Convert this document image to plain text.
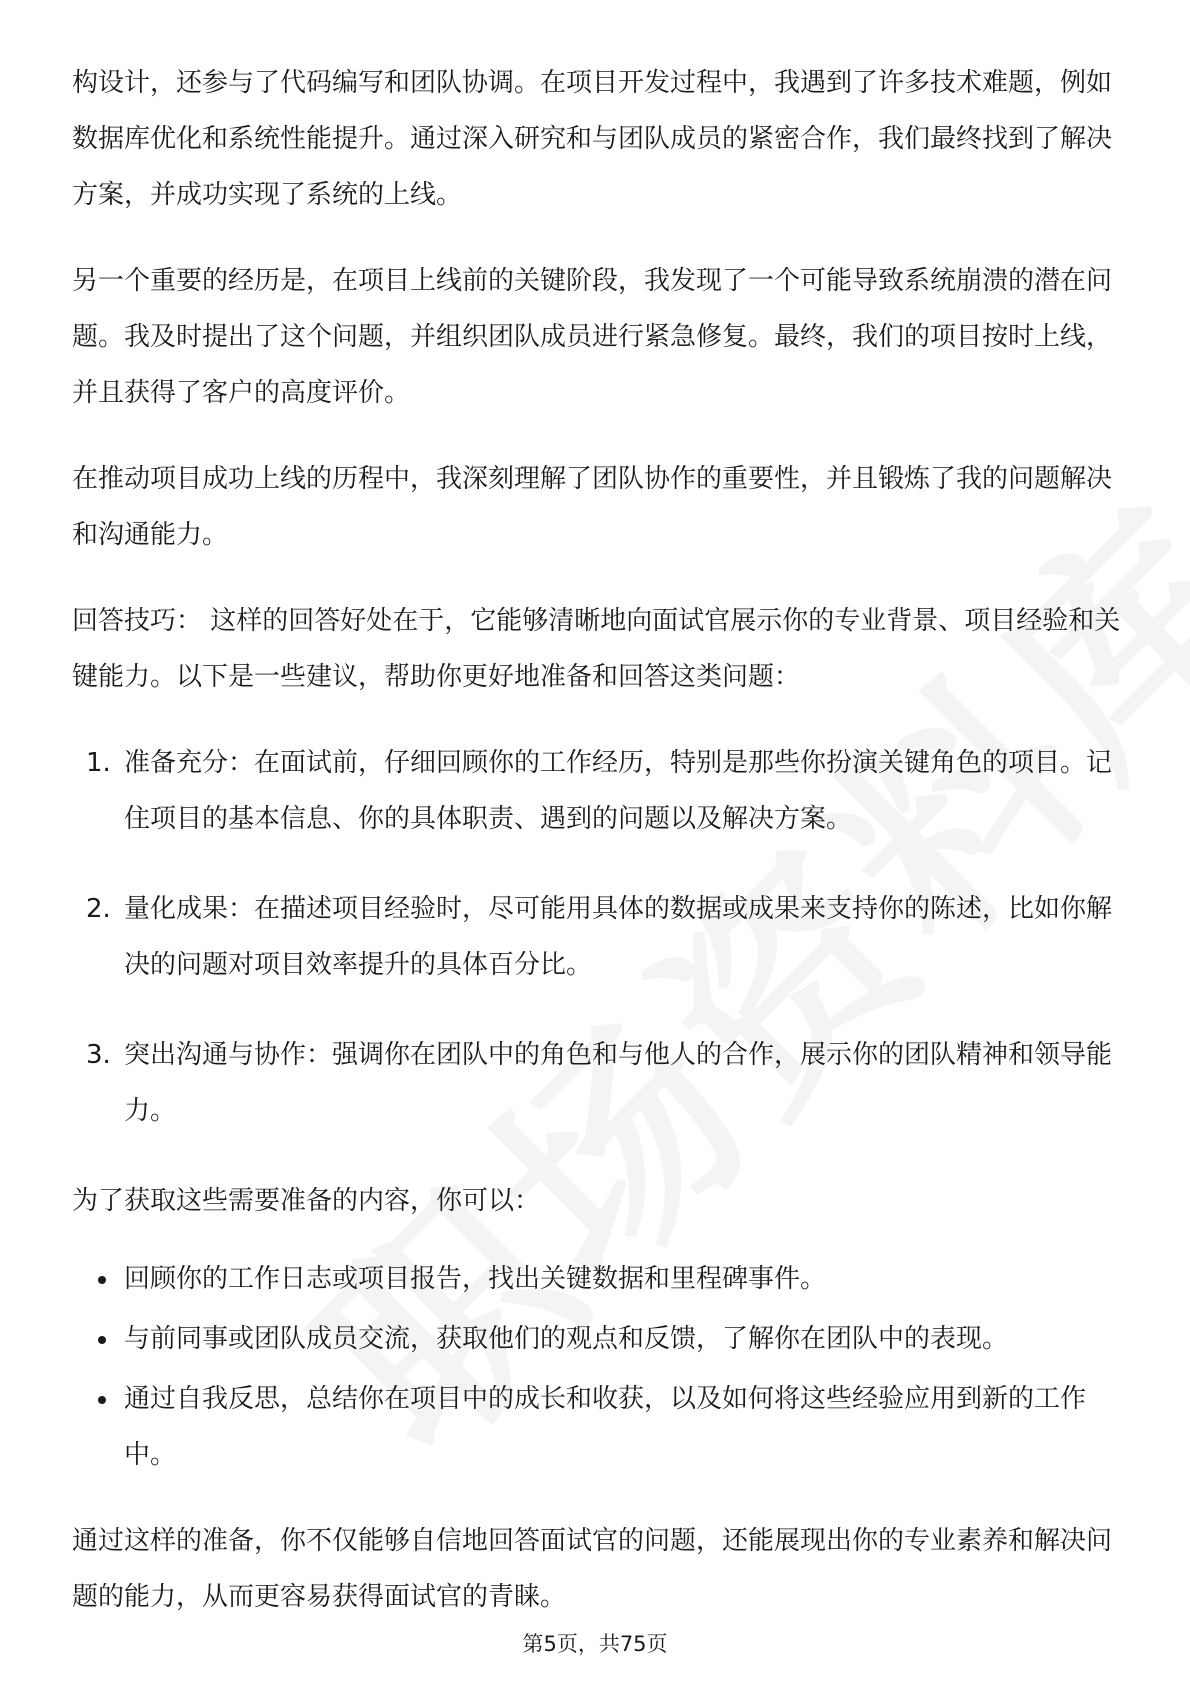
构设计，还参与了代码编写和团队协调。在项目开发过程中，我遇到了许多技术难题，例如数据库优化和系统性能提升。通过深入研究和与团队成员的紧密合作，我们最终找到了解决方案，并成功实现了系统的上线。

另一个重要的经历是，在项目上线前的关键阶段，我发现了一个可能导致系统崩溃的潜在问题。我及时提出了这个问题，并组织团队成员进行紧急修复。最终，我们的项目按时上线，并且获得了客户的高度评价。

在推动项目成功上线的历程中，我深刻理解了团队协作的重要性，并且锻炼了我的问题解决和沟通能力。

回答技巧： 这样的回答好处在于，它能够清晰地向面试官展示你的专业背景、项目经验和关键能力。以下是一些建议，帮助你更好地准备和回答这类问题：

1. 准备充分：在面试前，仔细回顾你的工作经历，特别是那些你扮演关键角色的项目。记住项目的基本信息、你的具体职责、遇到的问题以及解决方案。
2. 量化成果：在描述项目经验时，尽可能用具体的数据或成果来支持你的陈述，比如你解决的问题对项目效率提升的具体百分比。
3. 突出沟通与协作：强调你在团队中的角色和与他人的合作，展示你的团队精神和领导能力。

为了获取这些需要准备的内容，你可以：

回顾你的工作日志或项目报告，找出关键数据和里程碑事件。
与前同事或团队成员交流，获取他们的观点和反馈，了解你在团队中的表现。
通过自我反思，总结你在项目中的成长和收获，以及如何将这些经验应用到新的工作中。

通过这样的准备，你不仅能够自信地回答面试官的问题，还能展现出你的专业素养和解决问题的能力，从而更容易获得面试官的青睐。

第5页，共75页
